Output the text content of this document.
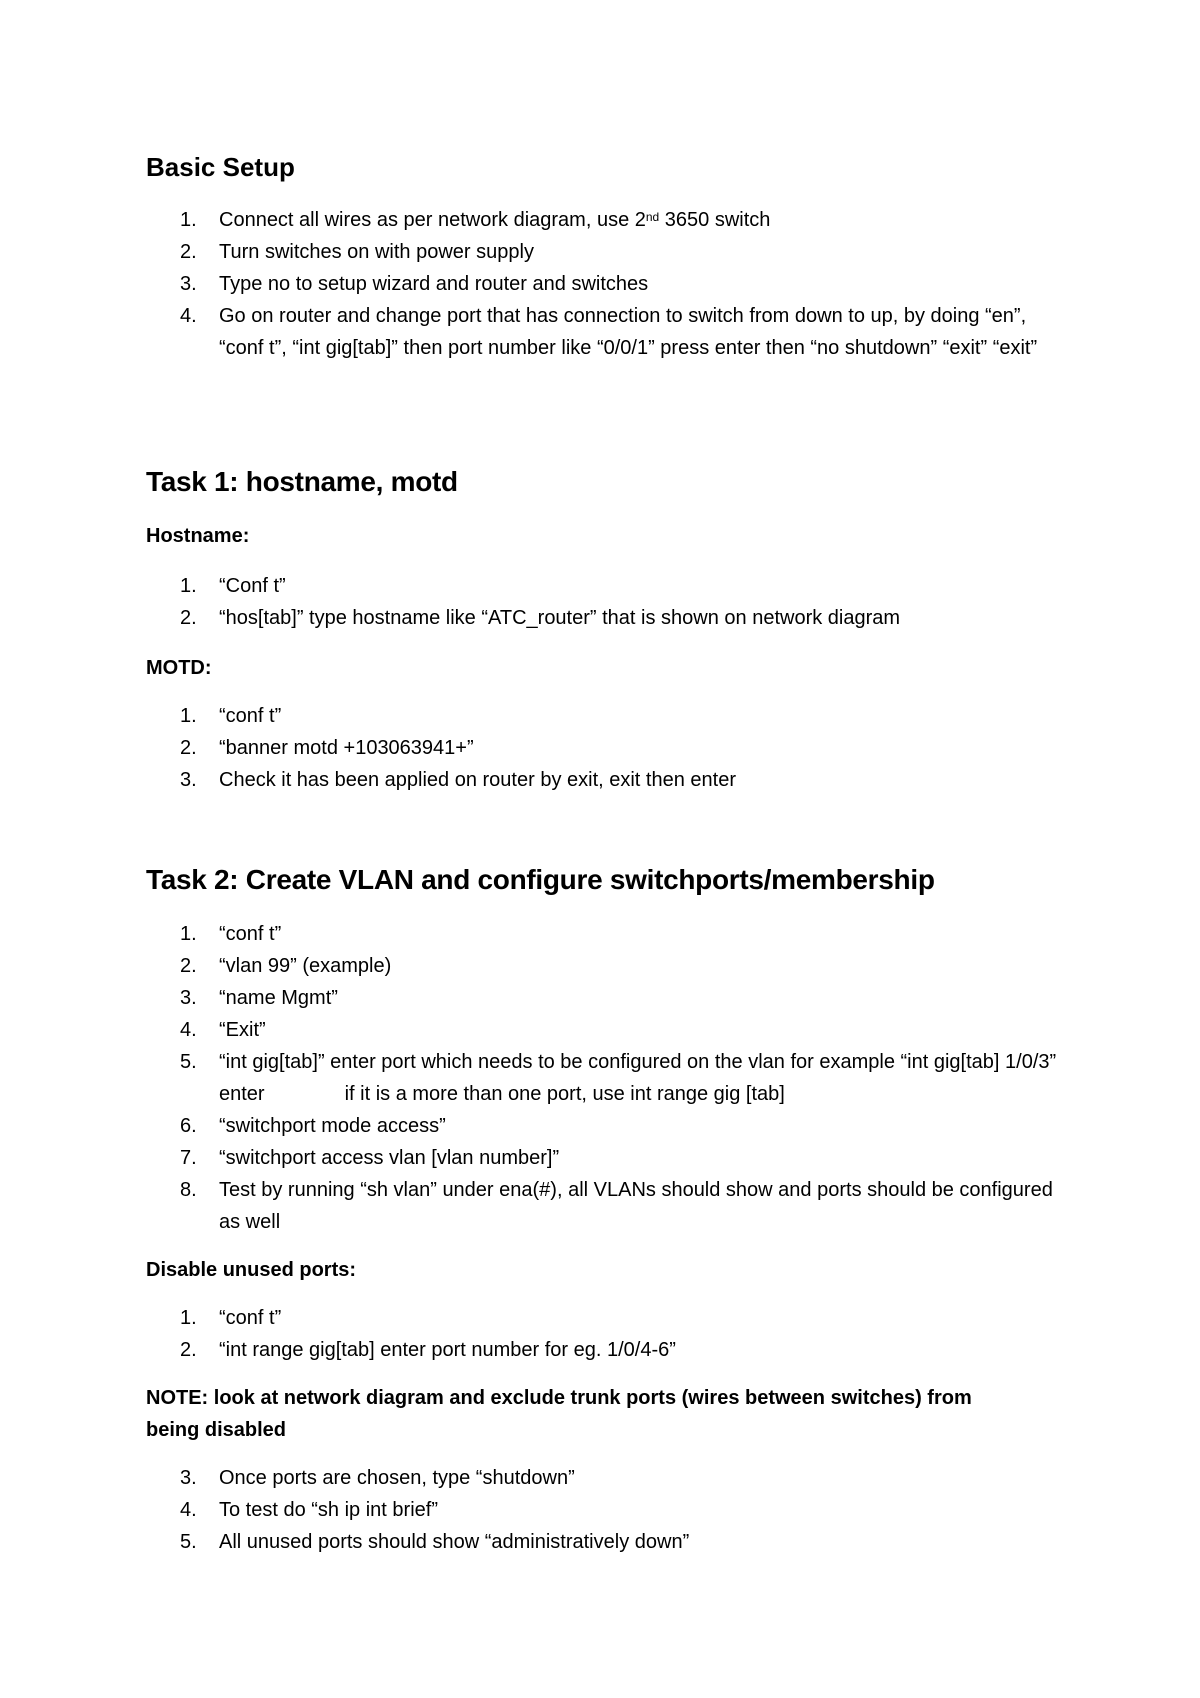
Basic Setup
1. Connect all wires as per network diagram, use 2nd 3650 switch
2. Turn switches on with power supply
3. Type no to setup wizard and router and switches
4. Go on router and change port that has connection to switch from down to up, by doing “en”, “conf t”, “int gig[tab]” then port number like “0/0/1” press enter then “no shutdown” “exit” “exit”
Task 1: hostname, motd
Hostname:
1. “Conf t”
2. “hos[tab]” type hostname like “ATC_router” that is shown on network diagram
MOTD:
1. “conf t”
2. “banner motd +103063941+”
3. Check it has been applied on router by exit, exit then enter
Task 2: Create VLAN and configure switchports/membership
1. “conf t”
2. “vlan 99” (example)
3. “name Mgmt”
4. “Exit”
5. “int gig[tab]” enter port which needs to be configured on the vlan for example “int gig[tab] 1/0/3” enter	if it is a more than one port, use int range gig [tab]
6. “switchport mode access”
7. “switchport access vlan [vlan number]”
8. Test by running “sh vlan” under ena(#), all VLANs should show and ports should be configured as well
Disable unused ports:
1. “conf t”
2. “int range gig[tab] enter port number for eg. 1/0/4-6”
NOTE: look at network diagram and exclude trunk ports (wires between switches) from being disabled
3. Once ports are chosen, type “shutdown”
4. To test do “sh ip int brief”
5. All unused ports should show “administratively down”
